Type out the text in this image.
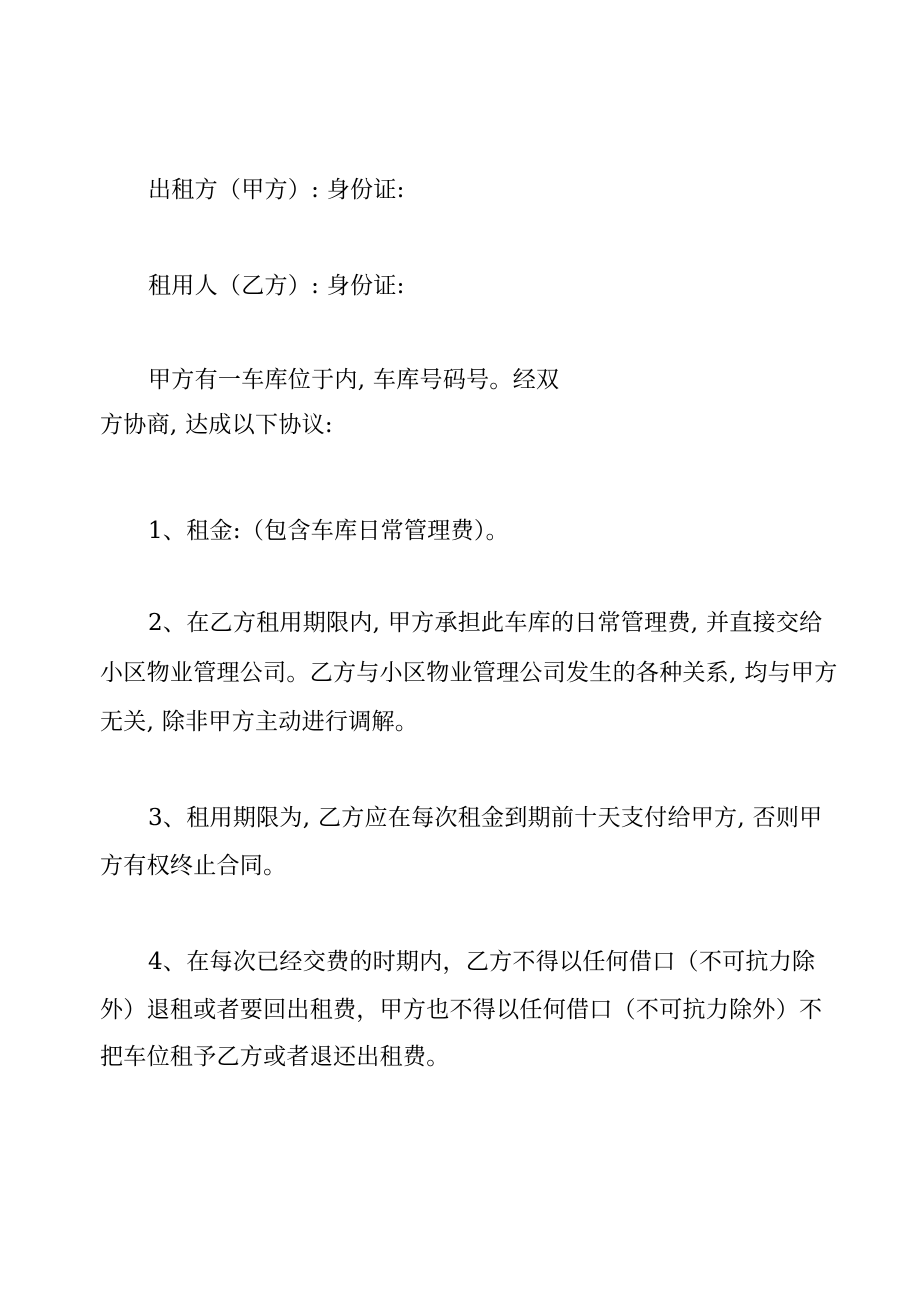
出租方（甲方）: 身份证:

租用人（乙方）: 身份证:

甲方有一车库位于内, 车库号码号。经双

方协商, 达成以下协议:

1、租金:（包含车库日常管理费）。

2、在乙方租用期限内, 甲方承担此车库的日常管理费, 并直接交给

小区物业管理公司。乙方与小区物业管理公司发生的各种关系, 均与甲方

无关, 除非甲方主动进行调解。

3、租用期限为, 乙方应在每次租金到期前十天支付给甲方, 否则甲

方有权终止合同。

4、在每次已经交费的时期内，乙方不得以任何借口（不可抗力除

外）退租或者要回出租费，甲方也不得以任何借口（不可抗力除外）不

把车位租予乙方或者退还出租费。
